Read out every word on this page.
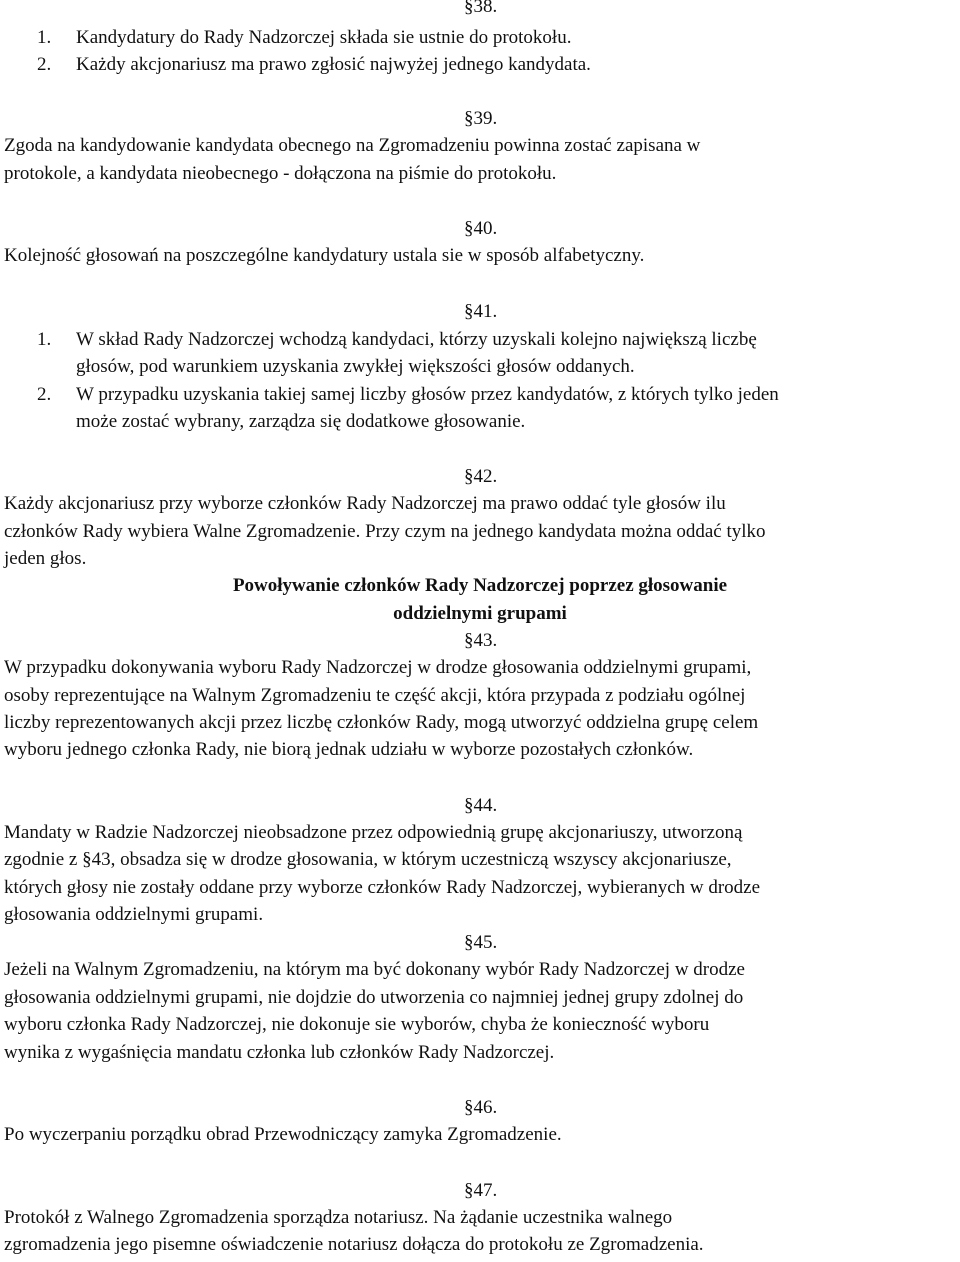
§38.
1. Kandydatury do Rady Nadzorczej składa sie ustnie do protokołu.
2. Każdy akcjonariusz ma prawo zgłosić najwyżej jednego kandydata.
§39.
Zgoda na kandydowanie kandydata obecnego na Zgromadzeniu powinna zostać zapisana w
protokole, a kandydata nieobecnego - dołączona na piśmie do protokołu.
§40.
Kolejność głosowań na poszczególne kandydatury ustala sie w sposób alfabetyczny.
§41.
1. W skład Rady Nadzorczej wchodzą kandydaci, którzy uzyskali kolejno największą liczbę
głosów, pod warunkiem uzyskania zwykłej większości głosów oddanych.
2. W przypadku uzyskania takiej samej liczby głosów przez kandydatów, z których tylko jeden
może zostać wybrany, zarządza się dodatkowe głosowanie.
§42.
Każdy akcjonariusz przy wyborze członków Rady Nadzorczej ma prawo oddać tyle głosów ilu
członków Rady wybiera Walne Zgromadzenie. Przy czym na jednego kandydata można oddać tylko
jeden głos.
Powoływanie członków Rady Nadzorczej poprzez głosowanie
oddzielnymi grupami
§43.
W przypadku dokonywania wyboru Rady Nadzorczej w drodze głosowania oddzielnymi grupami,
osoby reprezentujące na Walnym Zgromadzeniu te część akcji, która przypada z podziału ogólnej
liczby reprezentowanych akcji przez liczbę członków Rady, mogą utworzyć oddzielna grupę celem
wyboru jednego członka Rady, nie biorą jednak udziału w wyborze pozostałych członków.
§44.
Mandaty w Radzie Nadzorczej nieobsadzone przez odpowiednią grupę akcjonariuszy, utworzoną
zgodnie z §43, obsadza się w drodze głosowania, w którym uczestniczą wszyscy akcjonariusze,
których głosy nie zostały oddane przy wyborze członków Rady Nadzorczej, wybieranych w drodze
głosowania oddzielnymi grupami.
§45.
Jeżeli na Walnym Zgromadzeniu, na którym ma być dokonany wybór Rady Nadzorczej w drodze
głosowania oddzielnymi grupami, nie dojdzie do utworzenia co najmniej jednej grupy zdolnej do
wyboru członka Rady Nadzorczej, nie dokonuje sie wyborów, chyba że konieczność wyboru
wynika z wygaśnięcia mandatu członka lub członków Rady Nadzorczej.
§46.
Po wyczerpaniu porządku obrad Przewodniczący zamyka Zgromadzenie.
§47.
Protokół z Walnego Zgromadzenia sporządza notariusz. Na żądanie uczestnika walnego
zgromadzenia jego pisemne oświadczenie notariusz dołącza do protokołu ze Zgromadzenia.
